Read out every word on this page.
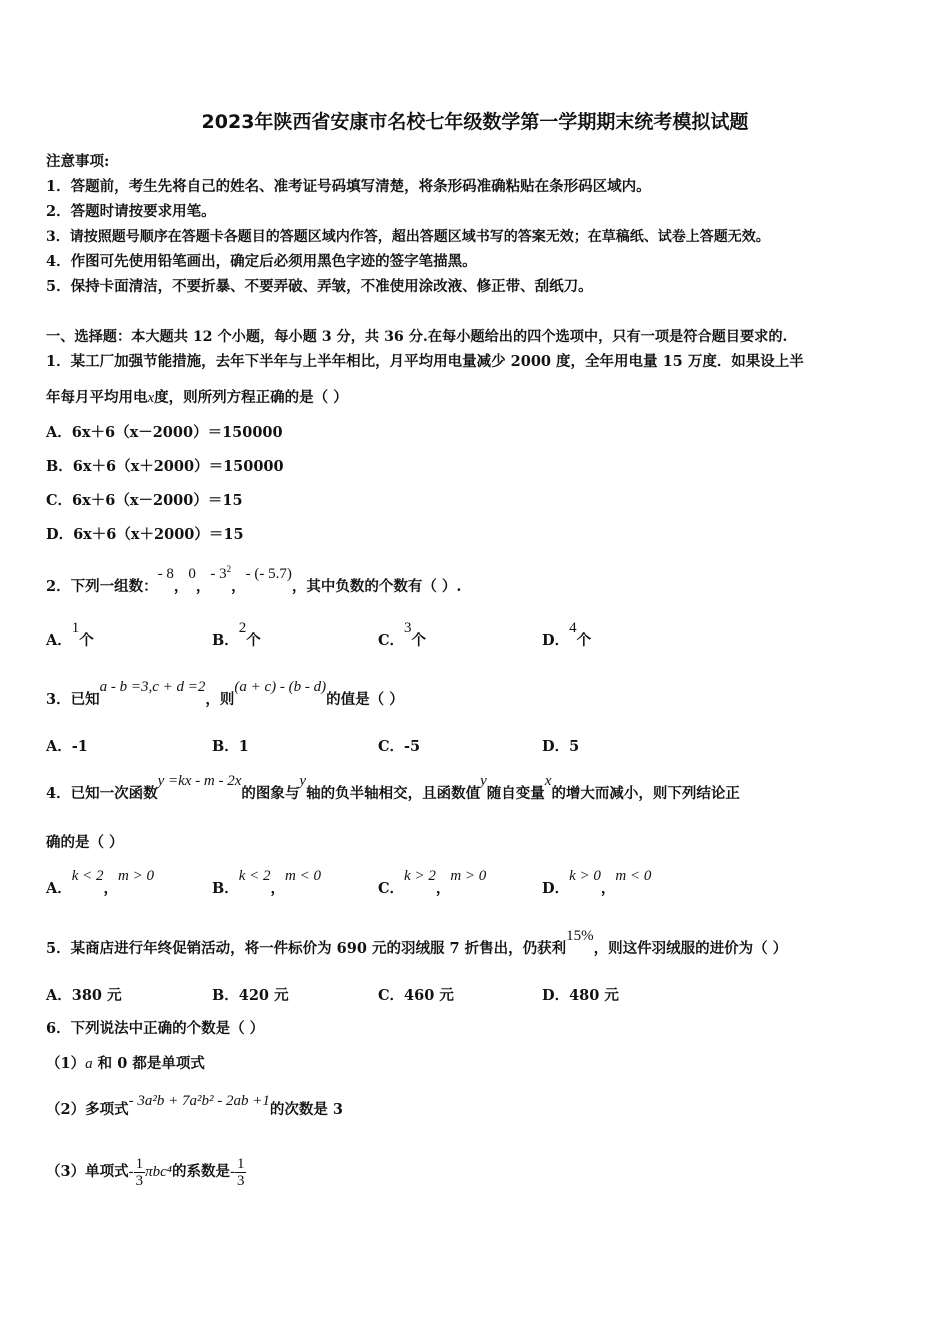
2023年陕西省安康市名校七年级数学第一学期期末统考模拟试题
注意事项:
1．答题前，考生先将自己的姓名、准考证号码填写清楚，将条形码准确粘贴在条形码区域内。
2．答题时请按要求用笔。
3．请按照题号顺序在答题卡各题目的答题区域内作答，超出答题区域书写的答案无效；在草稿纸、试卷上答题无效。
4．作图可先使用铅笔画出，确定后必须用黑色字迹的签字笔描黑。
5．保持卡面清洁，不要折暴、不要弄破、弄皱，不准使用涂改液、修正带、刮纸刀。
一、选择题：本大题共 12 个小题，每小题 3 分，共 36 分.在每小题给出的四个选项中，只有一项是符合题目要求的.
1．某工厂加强节能措施，去年下半年与上半年相比，月平均用电量减少 2000 度，全年用电量 15 万度．如果设上半
年每月平均用电x度，则所列方程正确的是（ ）
A．6x＋6（x－2000）＝150000
B．6x＋6（x＋2000）＝150000
C．6x＋6（x－2000）＝15
D．6x＋6（x＋2000）＝15
2．下列一组数：- 8，0，- $3^2$，- (- 5.7)，其中负数的个数有（ ）.
A．1个	B．2个	C．3个	D．4个
3．已知a - b =3,c + d =2，则(a + c) - (b - d)的值是（ ）
A．-1	B．1	C．-5	D．5
4．已知一次函数y =kx - m - 2x的图象与y轴的负半轴相交，且函数值y随自变量x的增大而减小，则下列结论正
确的是（ ）
A．k < 2，m > 0
B．k < 2，m < 0
C．k > 2，m > 0
D．k > 0，m < 0
5．某商店进行年终促销活动，将一件标价为 690 元的羽绒服 7 折售出，仍获利15%，则这件羽绒服的进价为（ ）
A．380 元	B．420 元	C．460 元	D．480 元
6．下列说法中正确的个数是（ ）
（1）a 和 0 都是单项式
（2）多项式- 3a²b + 7a²b² - 2ab +1的次数是 3
（3）单项式- $\frac{1}{3} \pi bc^4$的系数是- $\frac{1}{3}$
